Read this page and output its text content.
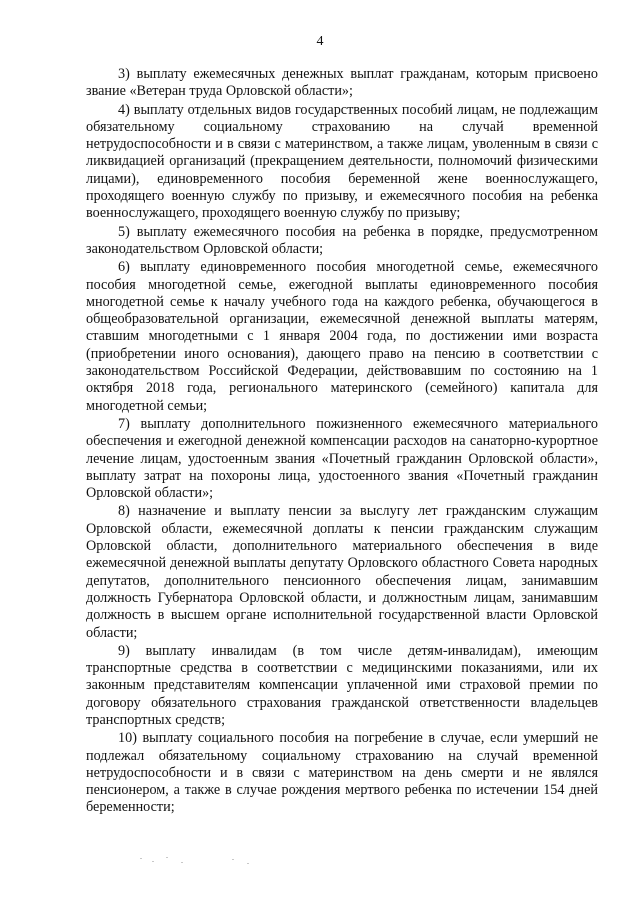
4

3) выплату ежемесячных денежных выплат гражданам, которым присвоено звание «Ветеран труда Орловской области»;

4) выплату отдельных видов государственных пособий лицам, не подлежащим обязательному социальному страхованию на случай временной нетрудоспособности и в связи с материнством, а также лицам, уволенным в связи с ликвидацией организаций (прекращением деятельности, полномочий физическими лицами), единовременного пособия беременной жене военнослужащего, проходящего военную службу по призыву, и ежемесячного пособия на ребенка военнослужащего, проходящего военную службу по призыву;

5) выплату ежемесячного пособия на ребенка в порядке, предусмотренном законодательством Орловской области;

6) выплату единовременного пособия многодетной семье, ежемесячного пособия многодетной семье, ежегодной выплаты единовременного пособия многодетной семье к началу учебного года на каждого ребенка, обучающегося в общеобразовательной организации, ежемесячной денежной выплаты матерям, ставшим многодетными с 1 января 2004 года, по достижении ими возраста (приобретении иного основания), дающего право на пенсию в соответствии с законодательством Российской Федерации, действовавшим по состоянию на 1 октября 2018 года, регионального материнского (семейного) капитала для многодетной семьи;

7) выплату дополнительного пожизненного ежемесячного материального обеспечения и ежегодной денежной компенсации расходов на санаторно-курортное лечение лицам, удостоенным звания «Почетный гражданин Орловской области», выплату затрат на похороны лица, удостоенного звания «Почетный гражданин Орловской области»;

8) назначение и выплату пенсии за выслугу лет гражданским служащим Орловской области, ежемесячной доплаты к пенсии гражданским служащим Орловской области, дополнительного материального обеспечения в виде ежемесячной денежной выплаты депутату Орловского областного Совета народных депутатов, дополнительного пенсионного обеспечения лицам, занимавшим должность Губернатора Орловской области, и должностным лицам, занимавшим должность в высшем органе исполнительной государственной власти Орловской области;

9) выплату инвалидам (в том числе детям-инвалидам), имеющим транспортные средства в соответствии с медицинскими показаниями, или их законным представителям компенсации уплаченной ими страховой премии по договору обязательного страхования гражданской ответственности владельцев транспортных средств;

10) выплату социального пособия на погребение в случае, если умерший не подлежал обязательному социальному страхованию на случай временной нетрудоспособности и в связи с материнством на день смерти и не являлся пенсионером, а также в случае рождения мертвого ребенка по истечении 154 дней беременности;
